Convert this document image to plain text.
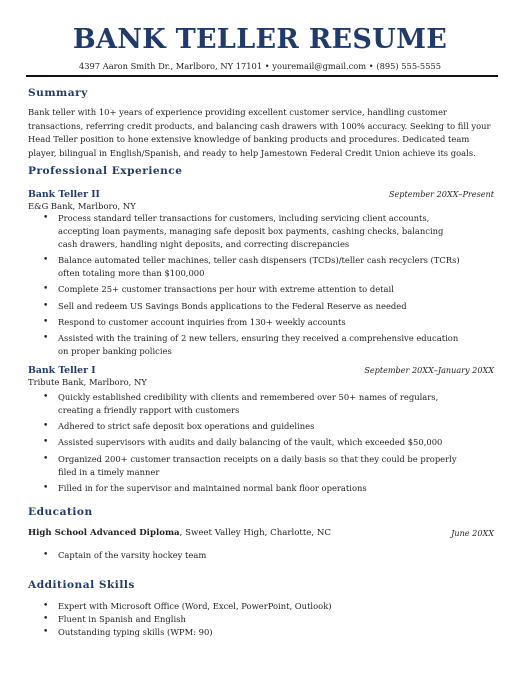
BANK TELLER RESUME
4397 Aaron Smith Dr., Marlboro, NY 17101 • youremail@gmail.com • (895) 555-5555
Summary
Bank teller with 10+ years of experience providing excellent customer service, handling customer transactions, referring credit products, and balancing cash drawers with 100% accuracy. Seeking to fill your Head Teller position to hone extensive knowledge of banking products and procedures. Dedicated team player, bilingual in English/Spanish, and ready to help Jamestown Federal Credit Union achieve its goals.
Professional Experience
Bank Teller II	September 20XX–Present
E&G Bank, Marlboro, NY
• Process standard teller transactions for customers, including servicing client accounts, accepting loan payments, managing safe deposit box payments, cashing checks, balancing cash drawers, handling night deposits, and correcting discrepancies
• Balance automated teller machines, teller cash dispensers (TCDs)/teller cash recyclers (TCRs) often totaling more than $100,000
• Complete 25+ customer transactions per hour with extreme attention to detail
• Sell and redeem US Savings Bonds applications to the Federal Reserve as needed
• Respond to customer account inquiries from 130+ weekly accounts
• Assisted with the training of 2 new tellers, ensuring they received a comprehensive education on proper banking policies
Bank Teller I	September 20XX–January 20XX
Tribute Bank, Marlboro, NY
• Quickly established credibility with clients and remembered over 50+ names of regulars, creating a friendly rapport with customers
• Adhered to strict safe deposit box operations and guidelines
• Assisted supervisors with audits and daily balancing of the vault, which exceeded $50,000
• Organized 200+ customer transaction receipts on a daily basis so that they could be properly filed in a timely manner
• Filled in for the supervisor and maintained normal bank floor operations
Education
High School Advanced Diploma, Sweet Valley High, Charlotte, NC	June 20XX
• Captain of the varsity hockey team
Additional Skills
• Expert with Microsoft Office (Word, Excel, PowerPoint, Outlook)
• Fluent in Spanish and English
• Outstanding typing skills (WPM: 90)
